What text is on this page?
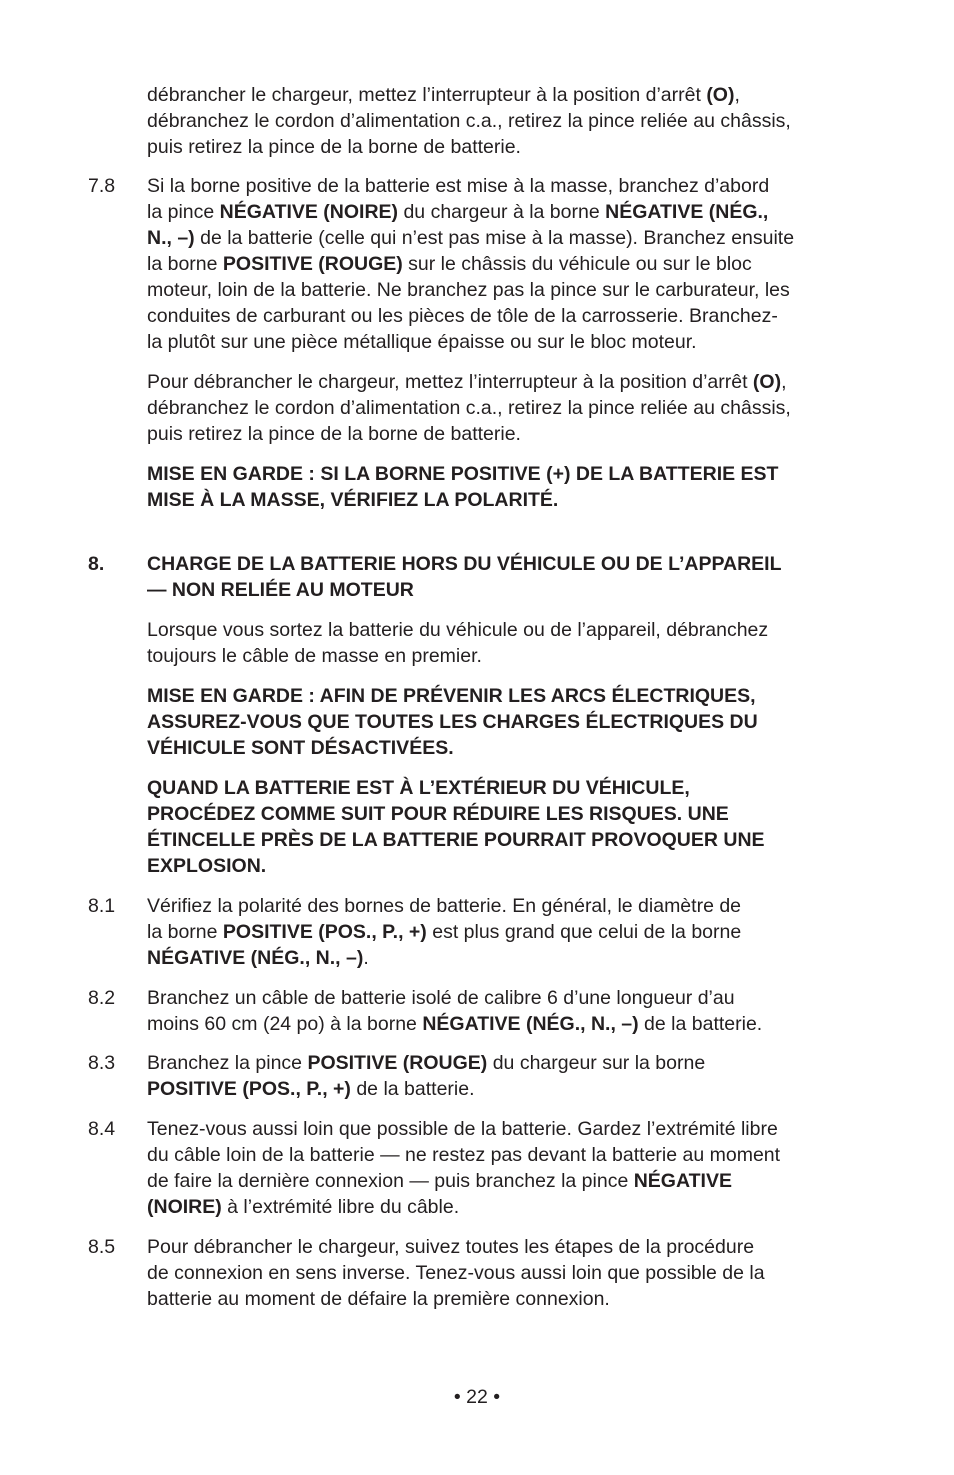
débrancher le chargeur, mettez l’interrupteur à la position d’arrêt (O),
débranchez le cordon d’alimentation c.a., retirez la pince reliée au châssis,
puis retirez la pince de la borne de batterie.
7.8 Si la borne positive de la batterie est mise à la masse, branchez d’abord
la pince NÉGATIVE (NOIRE) du chargeur à la borne NÉGATIVE (NÉG.,
N., –) de la batterie (celle qui n’est pas mise à la masse). Branchez ensuite
la borne POSITIVE (ROUGE) sur le châssis du véhicule ou sur le bloc
moteur, loin de la batterie. Ne branchez pas la pince sur le carburateur, les
conduites de carburant ou les pièces de tôle de la carrosserie. Branchez-
la plutôt sur une pièce métallique épaisse ou sur le bloc moteur.
Pour débrancher le chargeur, mettez l’interrupteur à la position d’arrêt (O),
débranchez le cordon d’alimentation c.a., retirez la pince reliée au châssis,
puis retirez la pince de la borne de batterie.
MISE EN GARDE : SI LA BORNE POSITIVE (+) DE LA BATTERIE EST
MISE À LA MASSE, VÉRIFIEZ LA POLARITÉ.
8. CHARGE DE LA BATTERIE HORS DU VÉHICULE OU DE L’APPAREIL
— NON RELIÉE AU MOTEUR
Lorsque vous sortez la batterie du véhicule ou de l’appareil, débranchez
toujours le câble de masse en premier.
MISE EN GARDE : AFIN DE PRÉVENIR LES ARCS ÉLECTRIQUES,
ASSUREZ-VOUS QUE TOUTES LES CHARGES ÉLECTRIQUES DU
VÉHICULE SONT DÉSACTIVÉES.
QUAND LA BATTERIE EST À L’EXTÉRIEUR DU VÉHICULE,
PROCÉDEZ COMME SUIT POUR RÉDUIRE LES RISQUES. UNE
ÉTINCELLE PRÈS DE LA BATTERIE POURRAIT PROVOQUER UNE
EXPLOSION.
8.1 Vérifiez la polarité des bornes de batterie. En général, le diamètre de
la borne POSITIVE (POS., P., +) est plus grand que celui de la borne
NÉGATIVE (NÉG., N., –).
8.2 Branchez un câble de batterie isolé de calibre 6 d’une longueur d’au
moins 60 cm (24 po) à la borne NÉGATIVE (NÉG., N., –) de la batterie.
8.3 Branchez la pince POSITIVE (ROUGE) du chargeur sur la borne
POSITIVE (POS., P., +) de la batterie.
8.4 Tenez-vous aussi loin que possible de la batterie. Gardez l’extrémité libre
du câble loin de la batterie — ne restez pas devant la batterie au moment
de faire la dernière connexion — puis branchez la pince NÉGATIVE
(NOIRE) à l’extrémité libre du câble.
8.5 Pour débrancher le chargeur, suivez toutes les étapes de la procédure
de connexion en sens inverse. Tenez-vous aussi loin que possible de la
batterie au moment de défaire la première connexion.
• 22 •
